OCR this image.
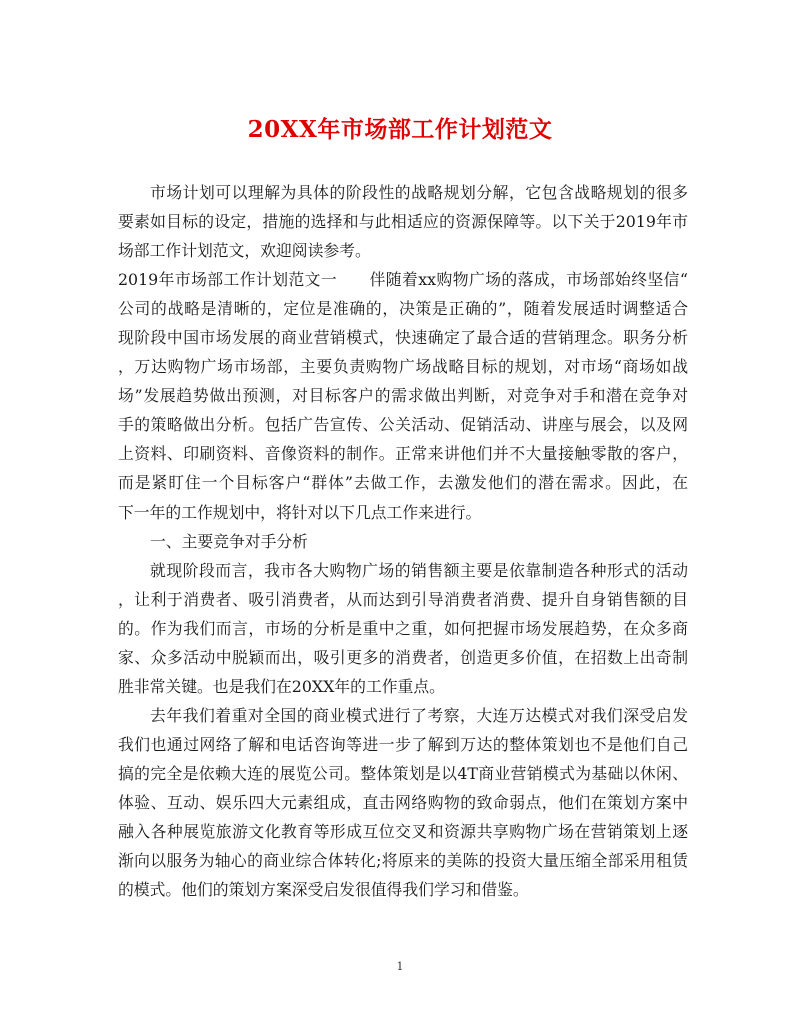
20XX年市场部工作计划范文
市场计划可以理解为具体的阶段性的战略规划分解，它包含战略规划的很多
要素如目标的设定，措施的选择和与此相适应的资源保障等。以下关于2019年市
场部工作计划范文，欢迎阅读参考。
2019年市场部工作计划范文一　　伴随着xx购物广场的落成，市场部始终坚信“
公司的战略是清晰的，定位是准确的，决策是正确的”，随着发展适时调整适合
现阶段中国市场发展的商业营销模式，快速确定了最合适的营销理念。职务分析
，万达购物广场市场部，主要负责购物广场战略目标的规划，对市场“商场如战
场”发展趋势做出预测，对目标客户的需求做出判断，对竞争对手和潜在竞争对
手的策略做出分析。包括广告宣传、公关活动、促销活动、讲座与展会，以及网
上资料、印刷资料、音像资料的制作。正常来讲他们并不大量接触零散的客户，
而是紧盯住一个目标客户“群体”去做工作，去激发他们的潜在需求。因此，在
下一年的工作规划中，将针对以下几点工作来进行。
一、主要竞争对手分析
就现阶段而言，我市各大购物广场的销售额主要是依靠制造各种形式的活动
，让利于消费者、吸引消费者，从而达到引导消费者消费、提升自身销售额的目
的。作为我们而言，市场的分析是重中之重，如何把握市场发展趋势，在众多商
家、众多活动中脱颖而出，吸引更多的消费者，创造更多价值，在招数上出奇制
胜非常关键。也是我们在20XX年的工作重点。
去年我们着重对全国的商业模式进行了考察，大连万达模式对我们深受启发
我们也通过网络了解和电话咨询等进一步了解到万达的整体策划也不是他们自己
搞的完全是依赖大连的展览公司。整体策划是以4T商业营销模式为基础以休闲、
体验、互动、娱乐四大元素组成，直击网络购物的致命弱点，他们在策划方案中
融入各种展览旅游文化教育等形成互位交叉和资源共享购物广场在营销策划上逐
渐向以服务为轴心的商业综合体转化;将原来的美陈的投资大量压缩全部采用租赁
的模式。他们的策划方案深受启发很值得我们学习和借鉴。
1
